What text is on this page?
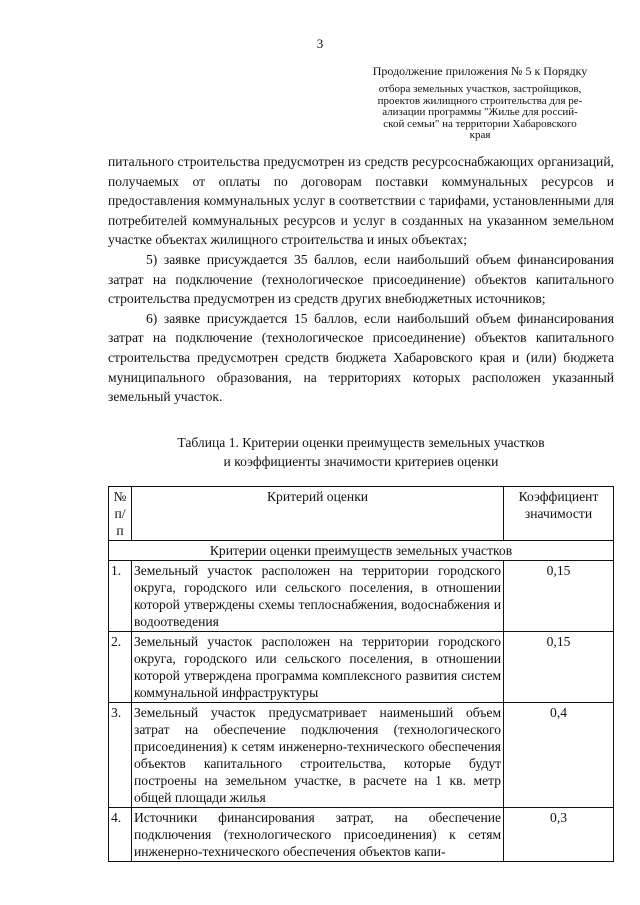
3
Продолжение приложения № 5 к Порядку
отбора земельных участков, застройщиков,
проектов жилищного строительства для ре-
ализации программы "Жилье для россий-
ской семьи" на территории Хабаровского
края

питального строительства предусмотрен из средств ресурсоснабжающих организаций, получаемых от оплаты по договорам поставки коммунальных ресурсов и предоставления коммунальных услуг в соответствии с тарифами, установленными для потребителей коммунальных ресурсов и услуг в созданных на указанном земельном участке объектах жилищного строительства и иных объектах;

5) заявке присуждается 35 баллов, если наибольший объем финансирования затрат на подключение (технологическое присоединение) объектов капитального строительства предусмотрен из средств других внебюджетных источников;

6) заявке присуждается 15 баллов, если наибольший объем финансирования затрат на подключение (технологическое присоединение) объектов капитального строительства предусмотрен средств бюджета Хабаровского края и (или) бюджета муниципального образования, на территориях которых расположен указанный земельный участок.

Таблица 1. Критерии оценки преимуществ земельных участков
и коэффициенты значимости критериев оценки
№ п/п	Критерий оценки	Коэффициент значимости
Критерии оценки преимуществ земельных участков		
1.	Земельный участок расположен на территории городского округа, городского или сельского поселения, в отношении которой утверждены схемы теплоснабжения, водоснабжения и водоотведения	0,15
2.	Земельный участок расположен на территории городского округа, городского или сельского поселения, в отношении которой утверждена программа комплексного развития систем коммунальной инфраструктуры	0,15
3.	Земельный участок предусматривает наименьший объем затрат на обеспечение подключения (технологического присоединения) к сетям инженерно-технического обеспечения объектов капитального строительства, которые будут построены на земельном участке, в расчете на 1 кв. метр общей площади жилья	0,4
4.	Источники финансирования затрат, на обеспечение подключения (технологического присоединения) к сетям инженерно-технического обеспечения объектов капи-	0,3
